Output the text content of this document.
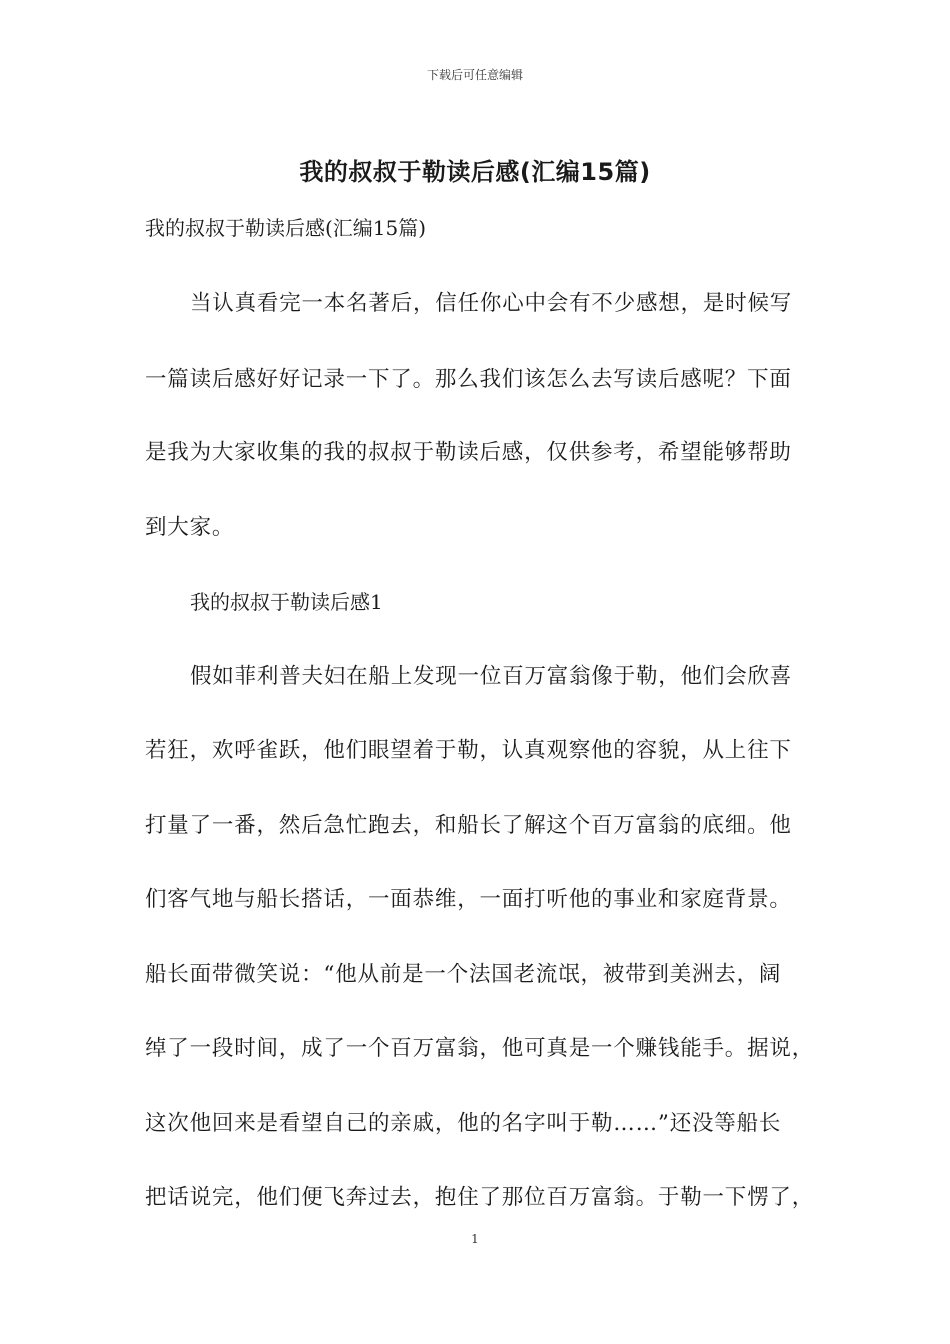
下载后可任意编辑
我的叔叔于勒读后感(汇编15篇)
我的叔叔于勒读后感(汇编15篇)
当认真看完一本名著后，信任你心中会有不少感想，是时候写
一篇读后感好好记录一下了。那么我们该怎么去写读后感呢？下面
是我为大家收集的我的叔叔于勒读后感，仅供参考，希望能够帮助
到大家。
我的叔叔于勒读后感1
假如菲利普夫妇在船上发现一位百万富翁像于勒，他们会欣喜
若狂，欢呼雀跃，他们眼望着于勒，认真观察他的容貌，从上往下
打量了一番，然后急忙跑去，和船长了解这个百万富翁的底细。他
们客气地与船长搭话，一面恭维，一面打听他的事业和家庭背景。
船长面带微笑说：“他从前是一个法国老流氓，被带到美洲去，阔
绰了一段时间，成了一个百万富翁，他可真是一个赚钱能手。据说，
这次他回来是看望自己的亲戚，他的名字叫于勒……”还没等船长
把话说完，他们便飞奔过去，抱住了那位百万富翁。于勒一下愣了，
1
